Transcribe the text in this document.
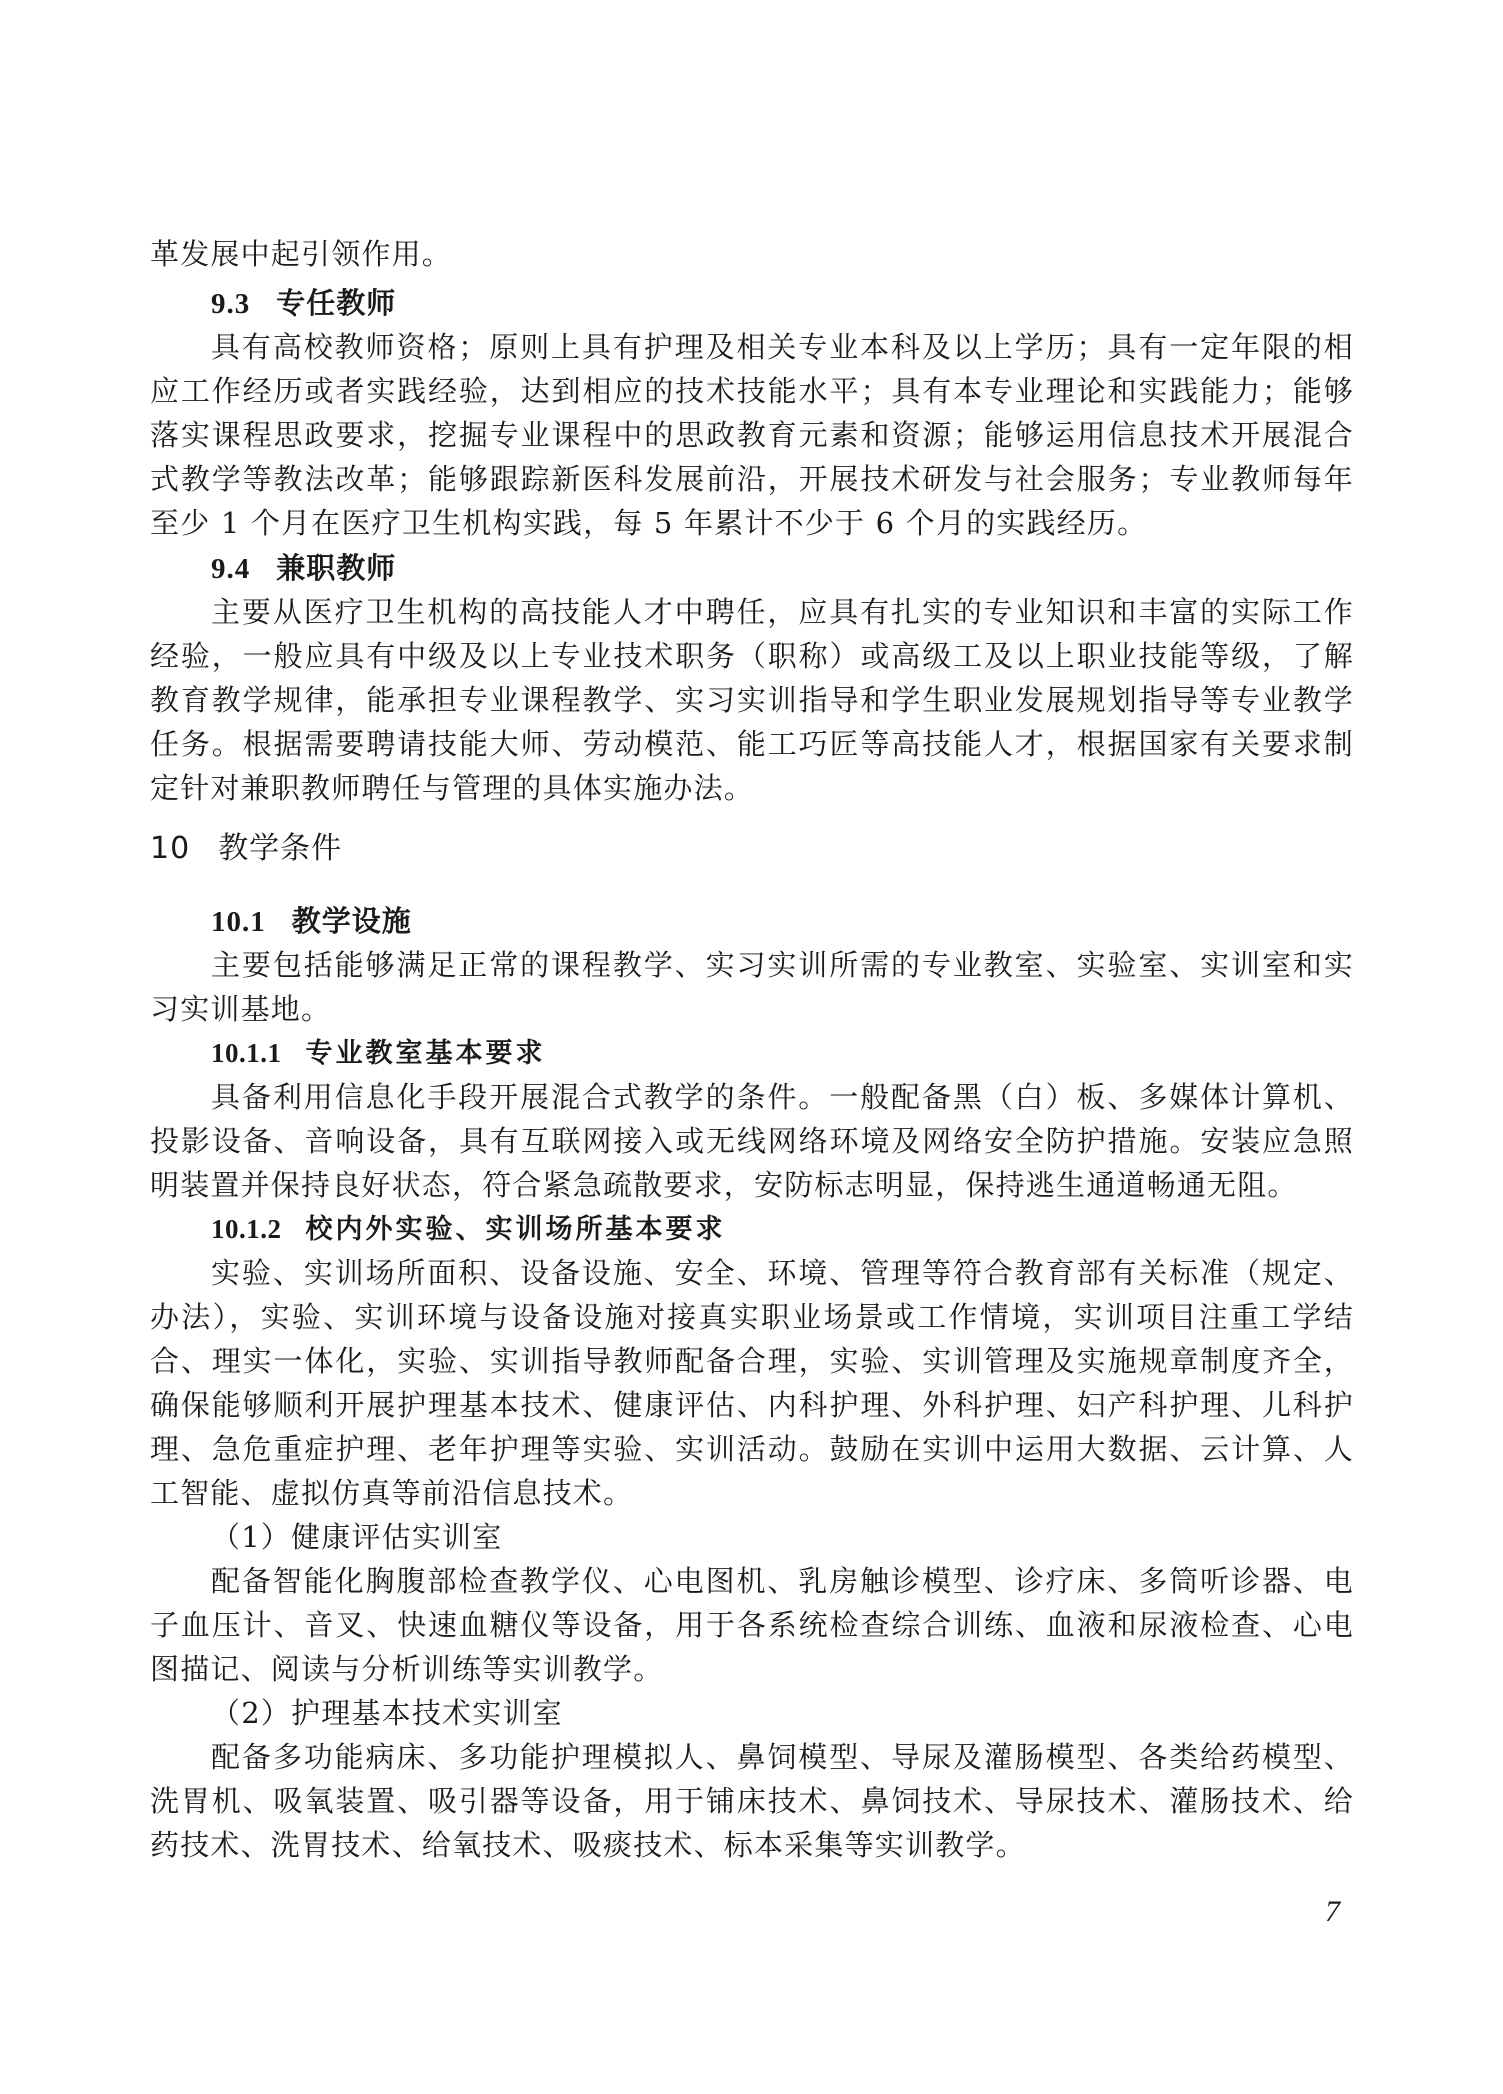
革发展中起引领作用。

9.3 专任教师

具有高校教师资格；原则上具有护理及相关专业本科及以上学历；具有一定年限的相应工作经历或者实践经验，达到相应的技术技能水平；具有本专业理论和实践能力；能够落实课程思政要求，挖掘专业课程中的思政教育元素和资源；能够运用信息技术开展混合式教学等教法改革；能够跟踪新医科发展前沿，开展技术研发与社会服务；专业教师每年至少 1 个月在医疗卫生机构实践，每 5 年累计不少于 6 个月的实践经历。

9.4 兼职教师

主要从医疗卫生机构的高技能人才中聘任，应具有扎实的专业知识和丰富的实际工作经验，一般应具有中级及以上专业技术职务（职称）或高级工及以上职业技能等级，了解教育教学规律，能承担专业课程教学、实习实训指导和学生职业发展规划指导等专业教学任务。根据需要聘请技能大师、劳动模范、能工巧匠等高技能人才，根据国家有关要求制定针对兼职教师聘任与管理的具体实施办法。

10 教学条件
10.1 教学设施

主要包括能够满足正常的课程教学、实习实训所需的专业教室、实验室、实训室和实习实训基地。

10.1.1 专业教室基本要求

具备利用信息化手段开展混合式教学的条件。一般配备黑（白）板、多媒体计算机、投影设备、音响设备，具有互联网接入或无线网络环境及网络安全防护措施。安装应急照明装置并保持良好状态，符合紧急疏散要求，安防标志明显，保持逃生通道畅通无阻。

10.1.2 校内外实验、实训场所基本要求

实验、实训场所面积、设备设施、安全、环境、管理等符合教育部有关标准（规定、办法），实验、实训环境与设备设施对接真实职业场景或工作情境，实训项目注重工学结合、理实一体化，实验、实训指导教师配备合理，实验、实训管理及实施规章制度齐全，确保能够顺利开展护理基本技术、健康评估、内科护理、外科护理、妇产科护理、儿科护理、急危重症护理、老年护理等实验、实训活动。鼓励在实训中运用大数据、云计算、人工智能、虚拟仿真等前沿信息技术。

（1）健康评估实训室

配备智能化胸腹部检查教学仪、心电图机、乳房触诊模型、诊疗床、多筒听诊器、电子血压计、音叉、快速血糖仪等设备，用于各系统检查综合训练、血液和尿液检查、心电图描记、阅读与分析训练等实训教学。

（2）护理基本技术实训室

配备多功能病床、多功能护理模拟人、鼻饲模型、导尿及灌肠模型、各类给药模型、洗胃机、吸氧装置、吸引器等设备，用于铺床技术、鼻饲技术、导尿技术、灌肠技术、给药技术、洗胃技术、给氧技术、吸痰技术、标本采集等实训教学。

7
